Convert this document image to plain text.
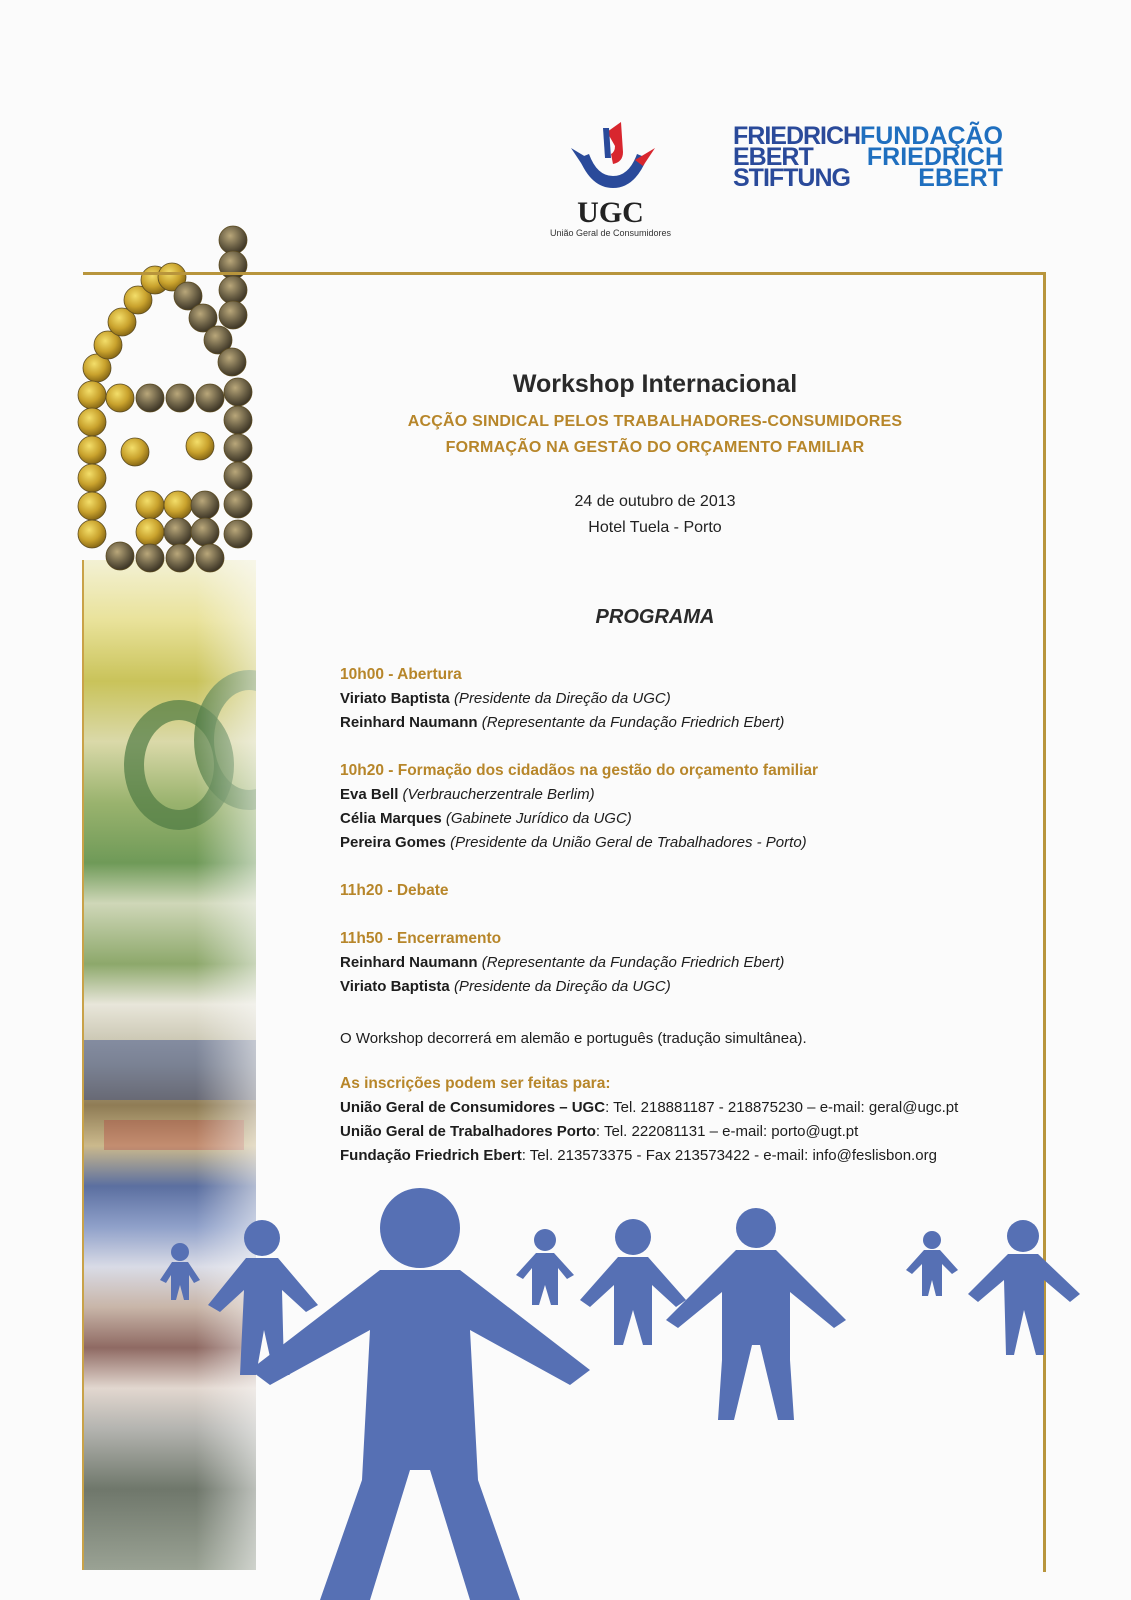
UGC
União Geral de Consumidores
FRIEDRICH
EBERT
STIFTUNG
FUNDAÇÃO
FRIEDRICH
EBERT
Workshop Internacional
ACÇÃO SINDICAL PELOS TRABALHADORES-CONSUMIDORES
FORMAÇÃO NA GESTÃO DO ORÇAMENTO FAMILIAR
24 de outubro de 2013
Hotel Tuela - Porto
PROGRAMA
10h00 - Abertura
Viriato Baptista (Presidente da Direção da UGC)
Reinhard Naumann (Representante da Fundação Friedrich Ebert)
10h20 - Formação dos cidadãos na gestão do orçamento familiar
Eva Bell (Verbraucherzentrale Berlim)
Célia Marques (Gabinete Jurídico da UGC)
Pereira Gomes (Presidente da União Geral de Trabalhadores - Porto)
11h20 - Debate
11h50 - Encerramento
Reinhard Naumann (Representante da Fundação Friedrich Ebert)
Viriato Baptista (Presidente da Direção da UGC)
O Workshop decorrerá em alemão e português (tradução simultânea).
As inscrições podem ser feitas para:
União Geral de Consumidores – UGC: Tel. 218881187 - 218875230 – e-mail: geral@ugc.pt
União Geral de Trabalhadores Porto: Tel. 222081131 – e-mail: porto@ugt.pt
Fundação Friedrich Ebert: Tel. 213573375 - Fax 213573422 - e-mail: info@feslisbon.org
